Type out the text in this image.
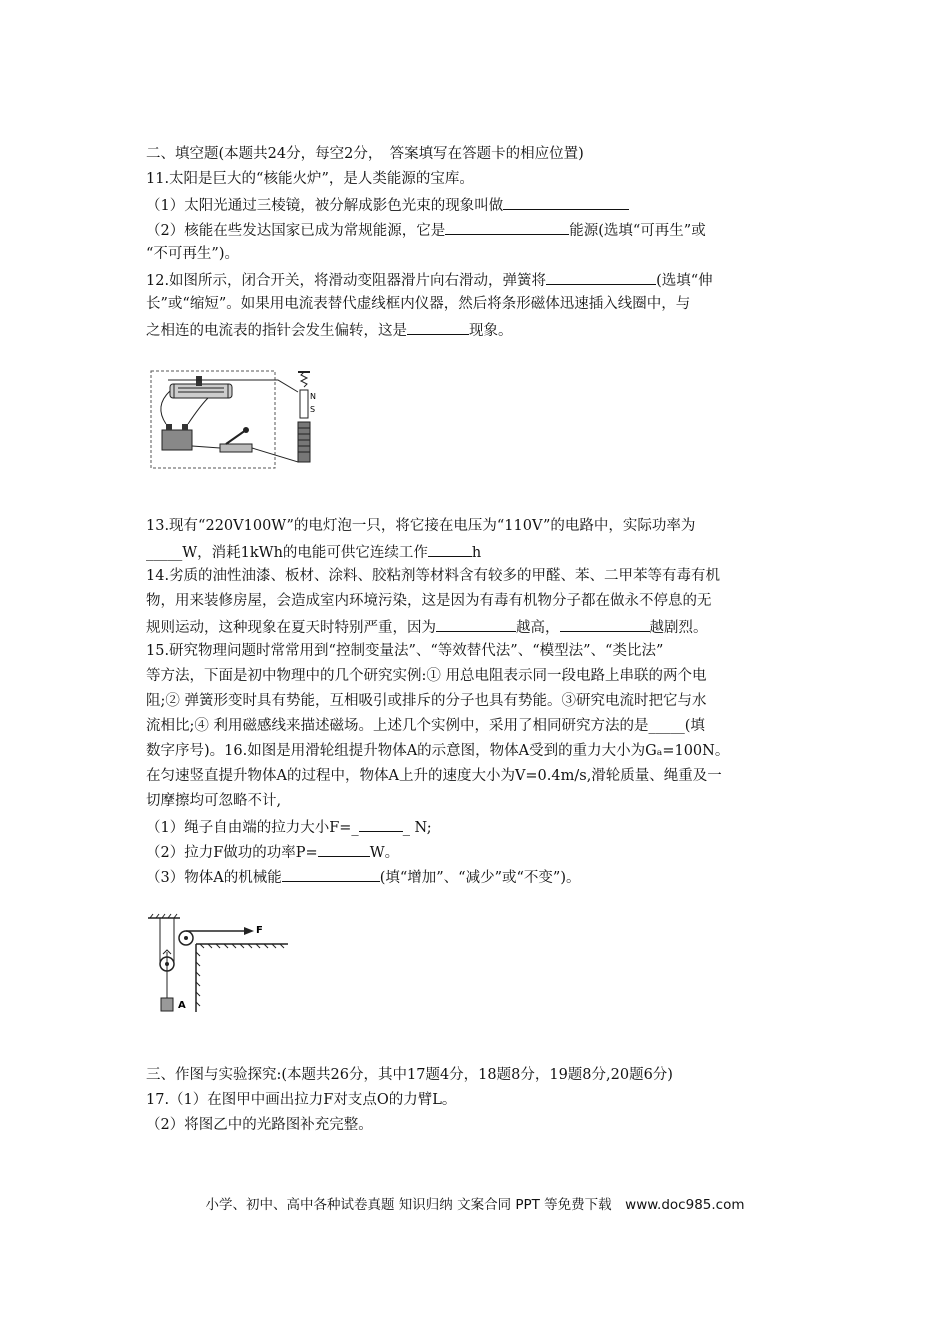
二、填空题(本题共24分，每空2分，　答案填写在答题卡的相应位置)
11.太阳是巨大的“核能火炉”，是人类能源的宝库。
（1）太阳光通过三棱镜，被分解成影色光束的现象叫做
（2）核能在些发达国家已成为常规能源，它是	能源(选填“可再生”或
“不可再生”)。
12.如图所示，闭合开关，将滑动变阻器滑片向右滑动，弹簧将	(选填“伸
长”或“缩短”。如果用电流表替代虚线框内仪器，然后将条形磁体迅速插入线圈中，与
之相连的电流表的指针会发生偏转，这是	现象。
N
S
13.现有“220V100W”的电灯泡一只，将它接在电压为“110V”的电路中，实际功率为
_____W，消耗1kWh的电能可供它连续工作	h
14.劣质的油性油漆、板材、涂料、胶粘剂等材料含有较多的甲醛、苯、二甲苯等有毒有机
物，用来装修房屋，会造成室内环境污染，这是因为有毒有机物分子都在做永不停息的无
规则运动，这种现象在夏天时特别严重，因为	越高，	越剧烈。
15.研究物理问题时常常用到“控制变量法”、“等效替代法”、“模型法”、“类比法”
等方法，下面是初中物理中的几个研究实例:① 用总电阻表示同一段电路上串联的两个电
阻;② 弹簧形变时具有势能，互相吸引或排斥的分子也具有势能。③研究电流时把它与水
流相比;④ 利用磁感线来描述磁场。上述几个实例中，采用了相同研究方法的是_____(填
数字序号)。16.如图是用滑轮组提升物体A的示意图，物体A受到的重力大小为Gₐ=100N。
在匀速竖直提升物体A的过程中，物体A上升的速度大小为V=0.4m/s,滑轮质量、绳重及一
切摩擦均可忽略不计,
（1）绳子自由端的拉力大小F=_	_ N;
（2）拉力F做功的功率P=	W。
（3）物体A的机械能	(填“增加”、“减少”或“不变”)。
F
A
三、作图与实验探究:(本题共26分，其中17题4分，18题8分，19题8分,20题6分)
17.（1）在图甲中画出拉力F对支点O的力臂L。
（2）将图乙中的光路图补充完整。
小学、初中、高中各种试卷真题 知识归纳 文案合同 PPT 等免费下载　www.doc985.com
